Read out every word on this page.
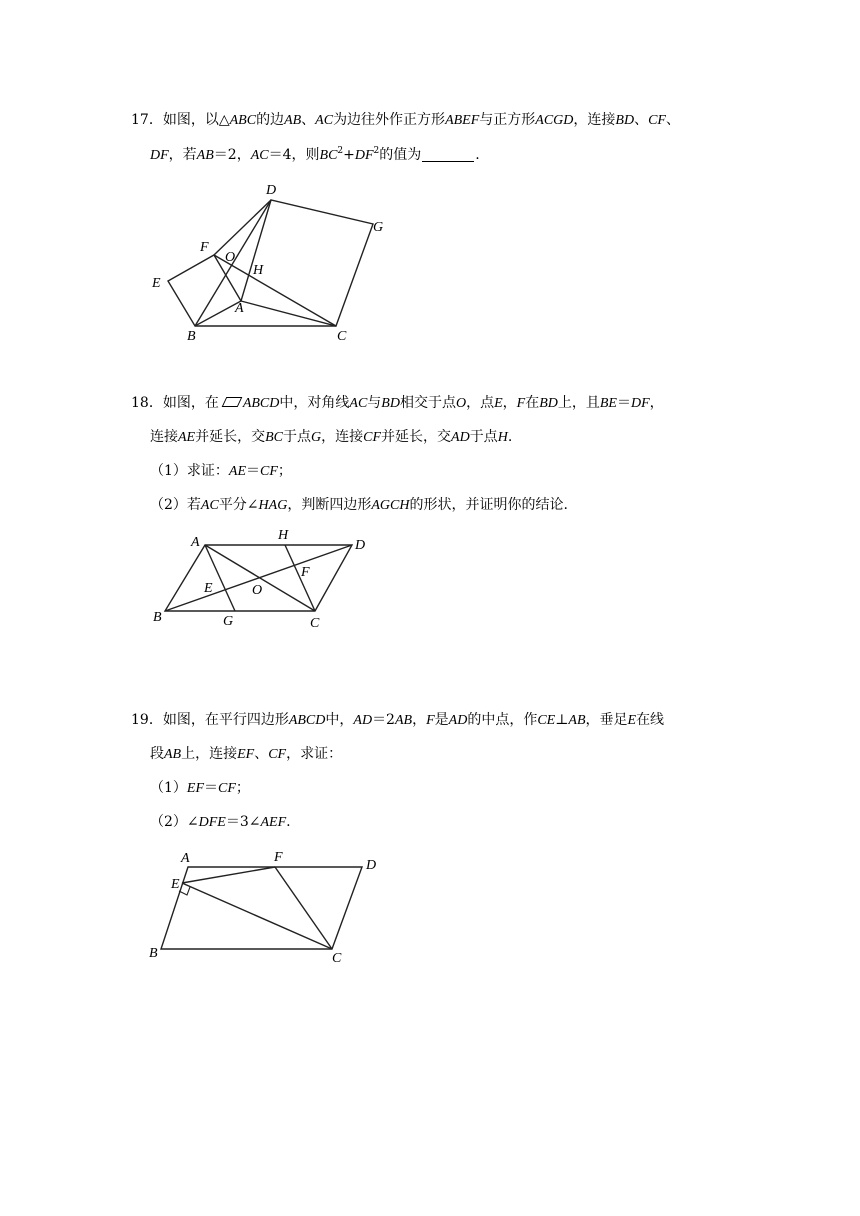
17．如图，以△ABC的边AB、AC为边往外作正方形ABEF与正方形ACGD，连接BD、CF、
DF，若AB＝2，AC＝4，则$BC^2+DF^2$的值为	.
D
G
F
O
H
E
A
B	C
18．如图，在 ABCD中，对角线AC与BD相交于点O，点E，F在BD上，且BE＝DF，
连接AE并延长，交BC于点G，连接CF并延长，交AD于点H.
（1）求证：AE＝CF；
（2）若AC平分∠HAG，判断四边形AGCH的形状，并证明你的结论.
A	H
D
E	O
F
B	G	C
19．如图，在平行四边形ABCD中，AD＝2AB，F是AD的中点，作CE⊥AB，垂足E在线
段AB上，连接EF、CF，求证：
（1）EF＝CF；
（2）∠DFE＝3∠AEF.
A	F
D
E
B	C
